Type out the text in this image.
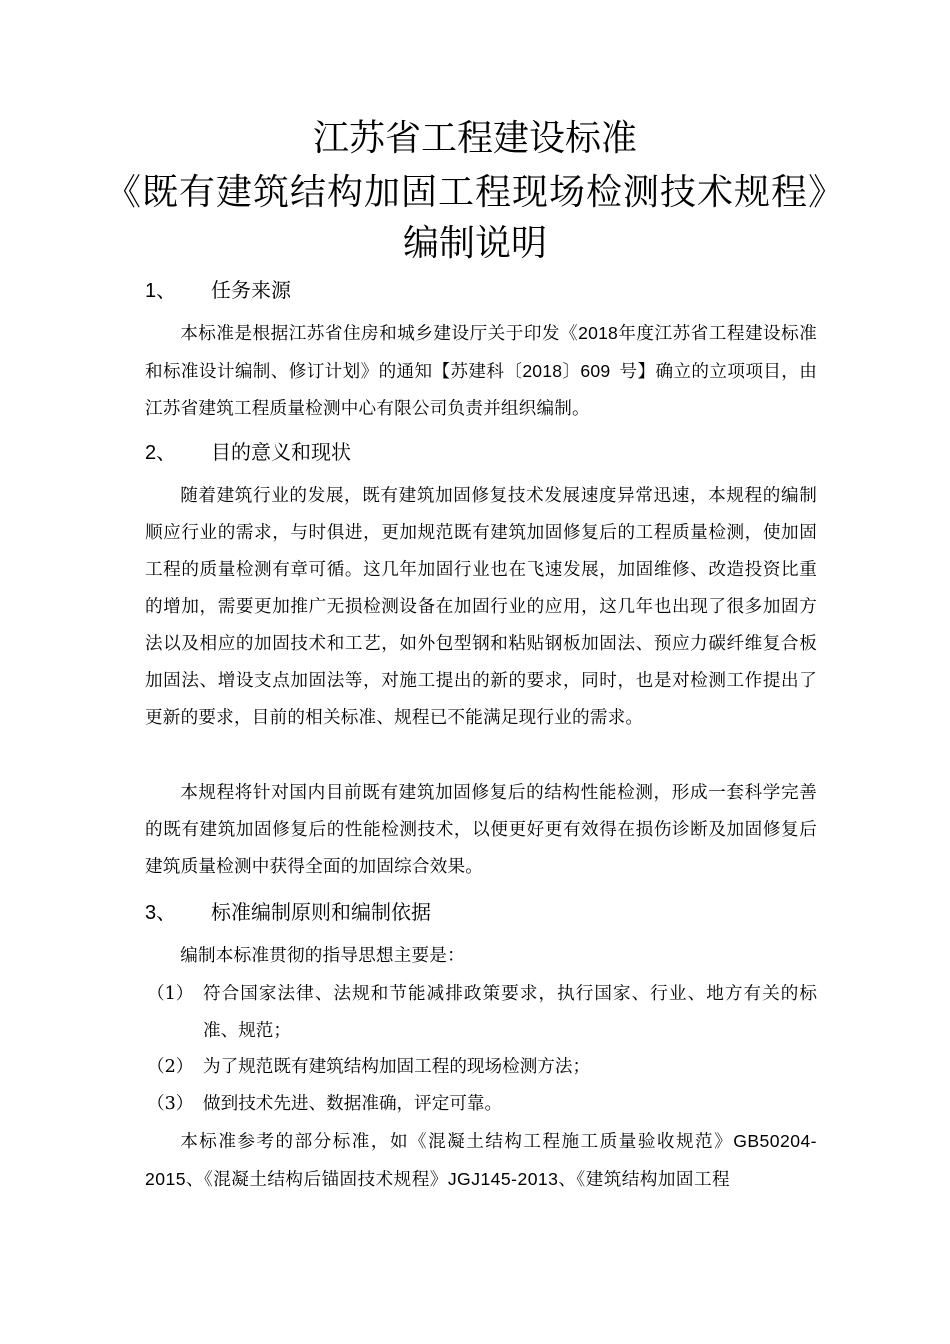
江苏省工程建设标准
《既有建筑结构加固工程现场检测技术规程》
编制说明
1、 任务来源
本标准是根据江苏省住房和城乡建设厅关于印发《2018年度江苏省工程建设标准和标准设计编制、修订计划》的通知【苏建科〔2018〕609  号】确立的立项项目，由江苏省建筑工程质量检测中心有限公司负责并组织编制。
2、 目的意义和现状
随着建筑行业的发展，既有建筑加固修复技术发展速度异常迅速，本规程的编制顺应行业的需求，与时俱进，更加规范既有建筑加固修复后的工程质量检测，使加固工程的质量检测有章可循。这几年加固行业也在飞速发展，加固维修、改造投资比重的增加，需要更加推广无损检测设备在加固行业的应用，这几年也出现了很多加固方法以及相应的加固技术和工艺，如外包型钢和粘贴钢板加固法、预应力碳纤维复合板加固法、增设支点加固法等，对施工提出的新的要求，同时，也是对检测工作提出了更新的要求，目前的相关标准、规程已不能满足现行业的需求。
本规程将针对国内目前既有建筑加固修复后的结构性能检测，形成一套科学完善的既有建筑加固修复后的性能检测技术，以便更好更有效得在损伤诊断及加固修复后建筑质量检测中获得全面的加固综合效果。
3、 标准编制原则和编制依据
编制本标准贯彻的指导思想主要是：
（1） 符合国家法律、法规和节能减排政策要求，执行国家、行业、地方有关的标准、规范；
（2） 为了规范既有建筑结构加固工程的现场检测方法；
（3） 做到技术先进、数据准确，评定可靠。
本标准参考的部分标准，如《混凝土结构工程施工质量验收规范》GB50204-2015、《混凝土结构后锚固技术规程》JGJ145-2013、《建筑结构加固工程
